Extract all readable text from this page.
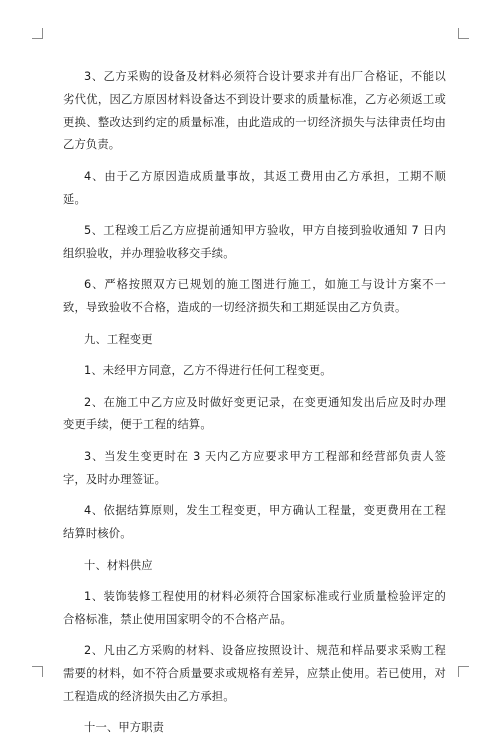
3、乙方采购的设备及材料必须符合设计要求并有出厂合格证，不能以劣代优，因乙方原因材料设备达不到设计要求的质量标准，乙方必须返工或更换、整改达到约定的质量标准，由此造成的一切经济损失与法律责任均由乙方负责。

4、由于乙方原因造成质量事故，其返工费用由乙方承担，工期不顺延。

5、工程竣工后乙方应提前通知甲方验收，甲方自接到验收通知 7 日内组织验收，并办理验收移交手续。

6、严格按照双方已规划的施工图进行施工，如施工与设计方案不一致，导致验收不合格，造成的一切经济损失和工期延误由乙方负责。

九、工程变更

1、未经甲方同意，乙方不得进行任何工程变更。

2、在施工中乙方应及时做好变更记录，在变更通知发出后应及时办理变更手续，便于工程的结算。

3、当发生变更时在 3 天内乙方应要求甲方工程部和经营部负责人签字，及时办理签证。

4、依据结算原则，发生工程变更，甲方确认工程量，变更费用在工程结算时核价。

十、材料供应

1、装饰装修工程使用的材料必须符合国家标准或行业质量检验评定的合格标准，禁止使用国家明令的不合格产品。

2、凡由乙方采购的材料、设备应按照设计、规范和样品要求采购工程需要的材料，如不符合质量要求或规格有差异，应禁止使用。若已使用，对工程造成的经济损失由乙方承担。

十一、甲方职责
